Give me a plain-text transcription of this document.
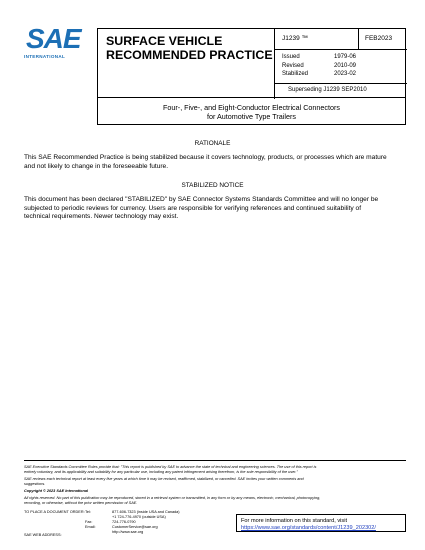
SAE
INTERNATIONAL
SURFACE VEHICLE
RECOMMENDED PRACTICE
J1239 ™	FEB2023
Issued
Revised
Stabilized
1979-06
2010-09
2023-02
Superseding J1239 SEP2010
Four-, Five-, and Eight-Conductor Electrical Connectors
for Automotive Type Trailers
RATIONALE
This SAE Recommended Practice is being stabilized because it covers technology, products, or processes which are mature
and not likely to change in the foreseeable future.
STABILIZED NOTICE
This document has been declared "STABILIZED" by SAE Connector Systems Standards Committee and will no longer be
subjected to periodic reviews for currency. Users are responsible for verifying references and continued suitability of
technical requirements. Newer technology may exist.
SAE Executive Standards Committee Rules provide that: "This report is published by SAE to advance the state of technical and engineering sciences. The use of this report is
entirely voluntary, and its applicability and suitability for any particular use, including any patent infringement arising therefrom, is the sole responsibility of the user."
SAE reviews each technical report at least every five years at which time it may be revised, reaffirmed, stabilized, or cancelled. SAE invites your written comments and
suggestions.
Copyright © 2023 SAE International
All rights reserved. No part of this publication may be reproduced, stored in a retrieval system or transmitted, in any form or by any means, electronic, mechanical, photocopying,
recording, or otherwise, without the prior written permission of SAE.
TO PLACE A DOCUMENT ORDER: Tel:

Fax:
Email:
877-606-7323 (inside USA and Canada)
+1 724-776-4970 (outside USA)
724-776-0790
CustomerService@sae.org
http://www.sae.org
For more information on this standard, visit
https://www.sae.org/standards/content/J1239_202302/
SAE WEB ADDRESS:
